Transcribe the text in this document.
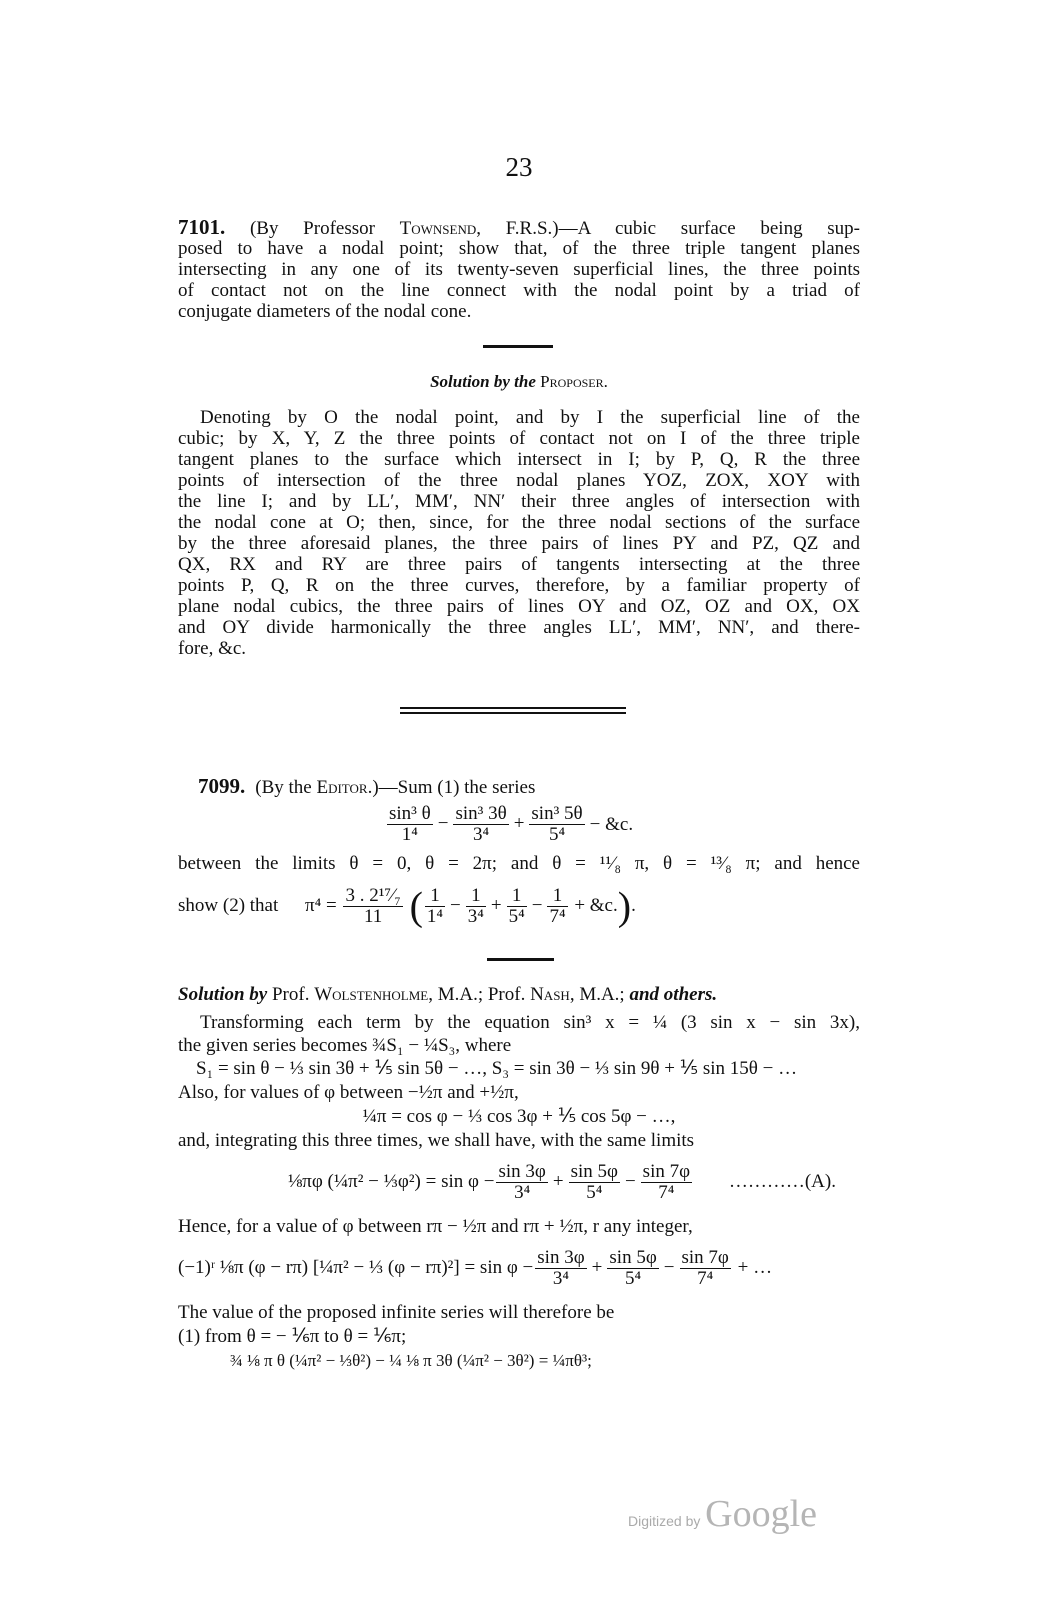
23
7101. (By Professor Townsend, F.R.S.)—A cubic surface being sup-
posed to have a nodal point; show that, of the three triple tangent planes
intersecting in any one of its twenty-seven superficial lines, the three points
of contact not on the line connect with the nodal point by a triad of
conjugate diameters of the nodal cone.
Solution by the Proposer.
Denoting by O the nodal point, and by I the superficial line of the
cubic; by X, Y, Z the three points of contact not on I of the three triple
tangent planes to the surface which intersect in I; by P, Q, R the three
points of intersection of the three nodal planes YOZ, ZOX, XOY with
the line I; and by LL′, MM′, NN′ their three angles of intersection with
the nodal cone at O; then, since, for the three nodal sections of the surface
by the three aforesaid planes, the three pairs of lines PY and PZ, QZ and
QX, RX and RY are three pairs of tangents intersecting at the three
points P, Q, R on the three curves, therefore, by a familiar property of
plane nodal cubics, the three pairs of lines OY and OZ, OZ and OX, OX
and OY divide harmonically the three angles LL′, MM′, NN′, and there-
fore, &c.
7099. (By the Editor.)—Sum (1) the series
$\frac{\text{sin³ θ}}{\text{1⁴}} - \frac{\text{sin³ 3θ}}{\text{3⁴}} + \frac{\text{sin³ 5θ}}{\text{5⁴}}$ − &c.
between the limits θ = 0, θ = 2π; and θ = ¹¹⁄₈ π, θ = ¹³⁄₈ π; and hence
show (2) that $\pi^4 = \frac{\text{3 . 2¹⁷⁄₇}}{11}$ ( $\frac{1}{\text{1⁴}} - \frac{1}{\text{3⁴}} + \frac{1}{\text{5⁴}} - \frac{1}{\text{7⁴}}$ + &c.).
Solution by Prof. Wolstenholme, M.A.; Prof. Nash, M.A.; and others.
Transforming each term by the equation sin³ x = ¼ (3 sin x − sin 3x),
the given series becomes ¾S₁ − ¼S₃, where
S₁ = sin θ − ⅓ sin 3θ + ⅕ sin 5θ − …, S₃ = sin 3θ − ⅓ sin 9θ + ⅕ sin 15θ − …
Also, for values of φ between −½π and +½π,
¼π = cos φ − ⅓ cos 3φ + ⅕ cos 5φ − …,
and, integrating this three times, we shall have, with the same limits
⅛πφ (¼π² − ⅓φ²) = $\sin \varphi - \frac{\sin 3\varphi}{\text{3⁴}} + \frac{\sin 5\varphi}{\text{5⁴}} - \frac{\sin 7\varphi}{\text{7⁴}}$ …………(A).
Hence, for a value of φ between rπ − ½π and rπ + ½π, r any integer,
(−1)ʳ ⅛π (φ − rπ) [¼π² − ⅓ $(\varphi - r\pi)^2] = \sin \varphi - \frac{\sin 3\varphi}{\text{3⁴}} + \frac{\sin 5\varphi}{\text{5⁴}} - \frac{\sin 7\varphi}{\text{7⁴}}$ + …
The value of the proposed infinite series will therefore be
(1) from θ = − ⅙π to θ = ⅙π;
¾ ⅛ π θ (¼π² − ⅓θ²) − ¼ ⅛ π 3θ (¼π² − 3θ²) = ¼πθ³;
Digitized by Google
